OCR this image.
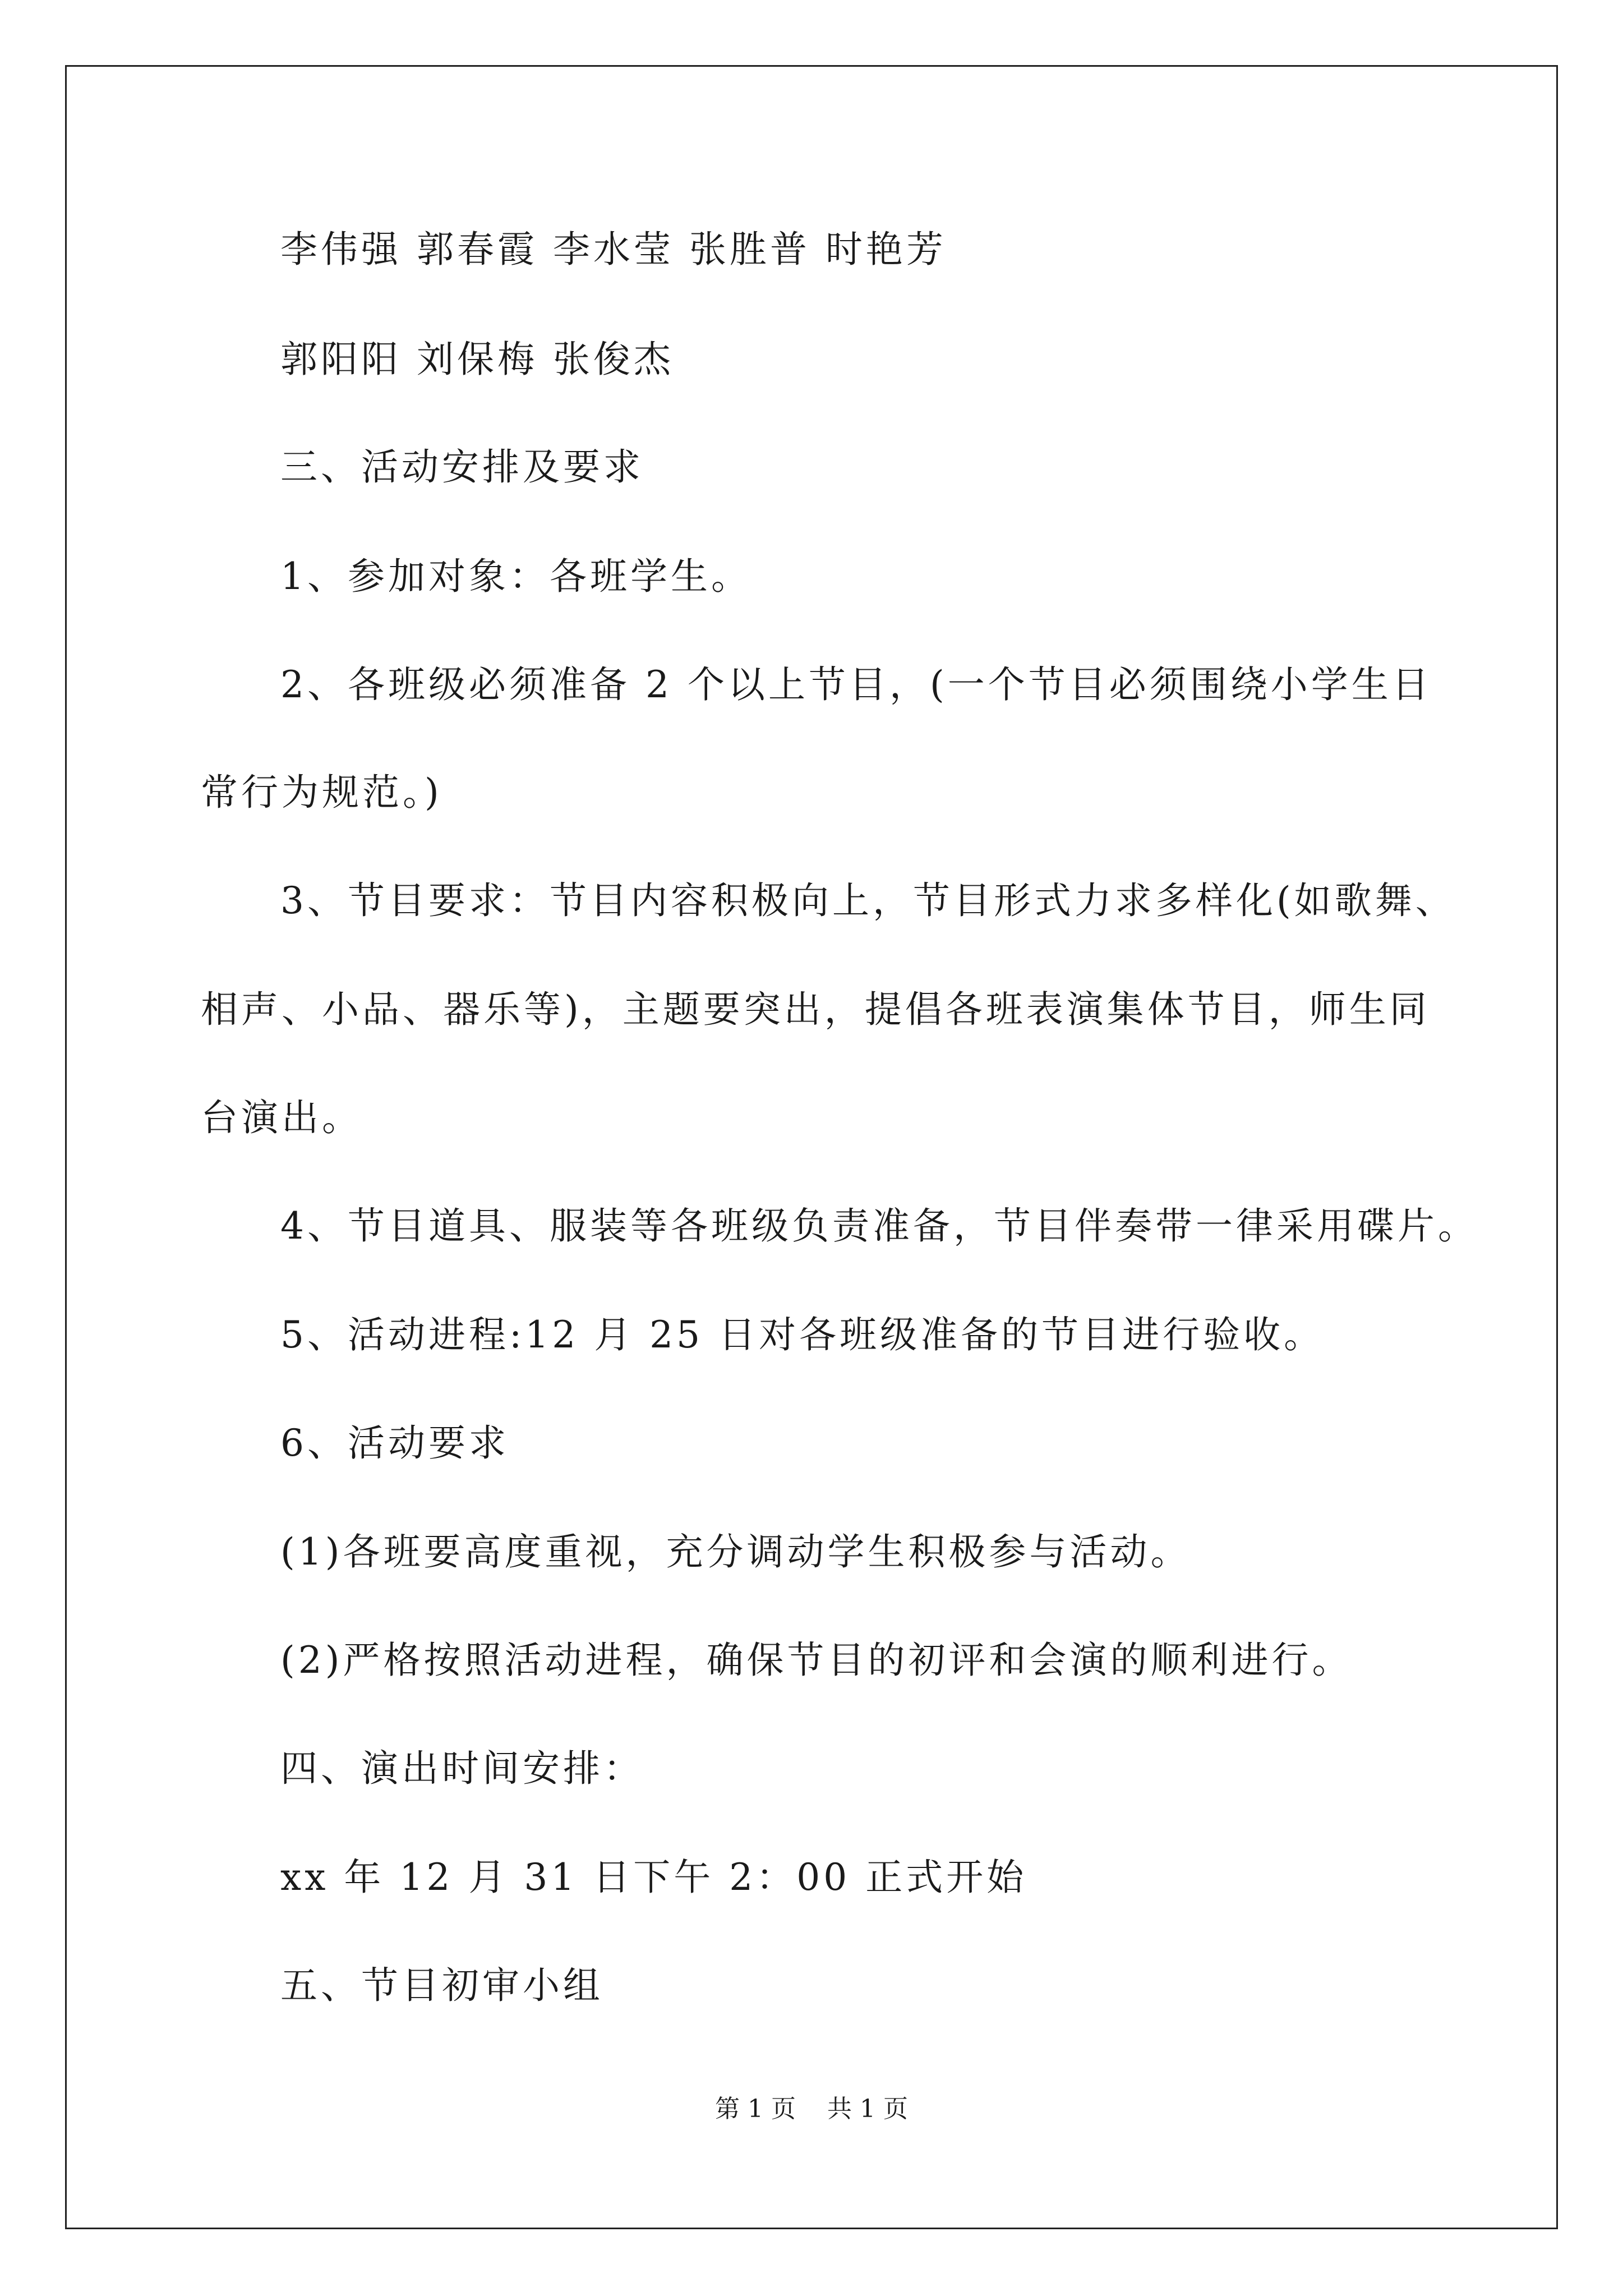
李伟强 郭春霞 李水莹 张胜普 时艳芳
郭阳阳 刘保梅 张俊杰
三、活动安排及要求
1、参加对象：各班学生。
2、各班级必须准备 2 个以上节目，(一个节目必须围绕小学生日
常行为规范。)
3、节目要求：节目内容积极向上，节目形式力求多样化(如歌舞、
相声、小品、器乐等)，主题要突出，提倡各班表演集体节目，师生同
台演出。
4、节目道具、服装等各班级负责准备，节目伴奏带一律采用碟片。
5、活动进程:12 月 25 日对各班级准备的节目进行验收。
6、活动要求
(1)各班要高度重视，充分调动学生积极参与活动。
(2)严格按照活动进程，确保节目的初评和会演的顺利进行。
四、演出时间安排：
xx 年 12 月 31 日下午 2：00 正式开始
五、节目初审小组
第 1 页 共 1 页
